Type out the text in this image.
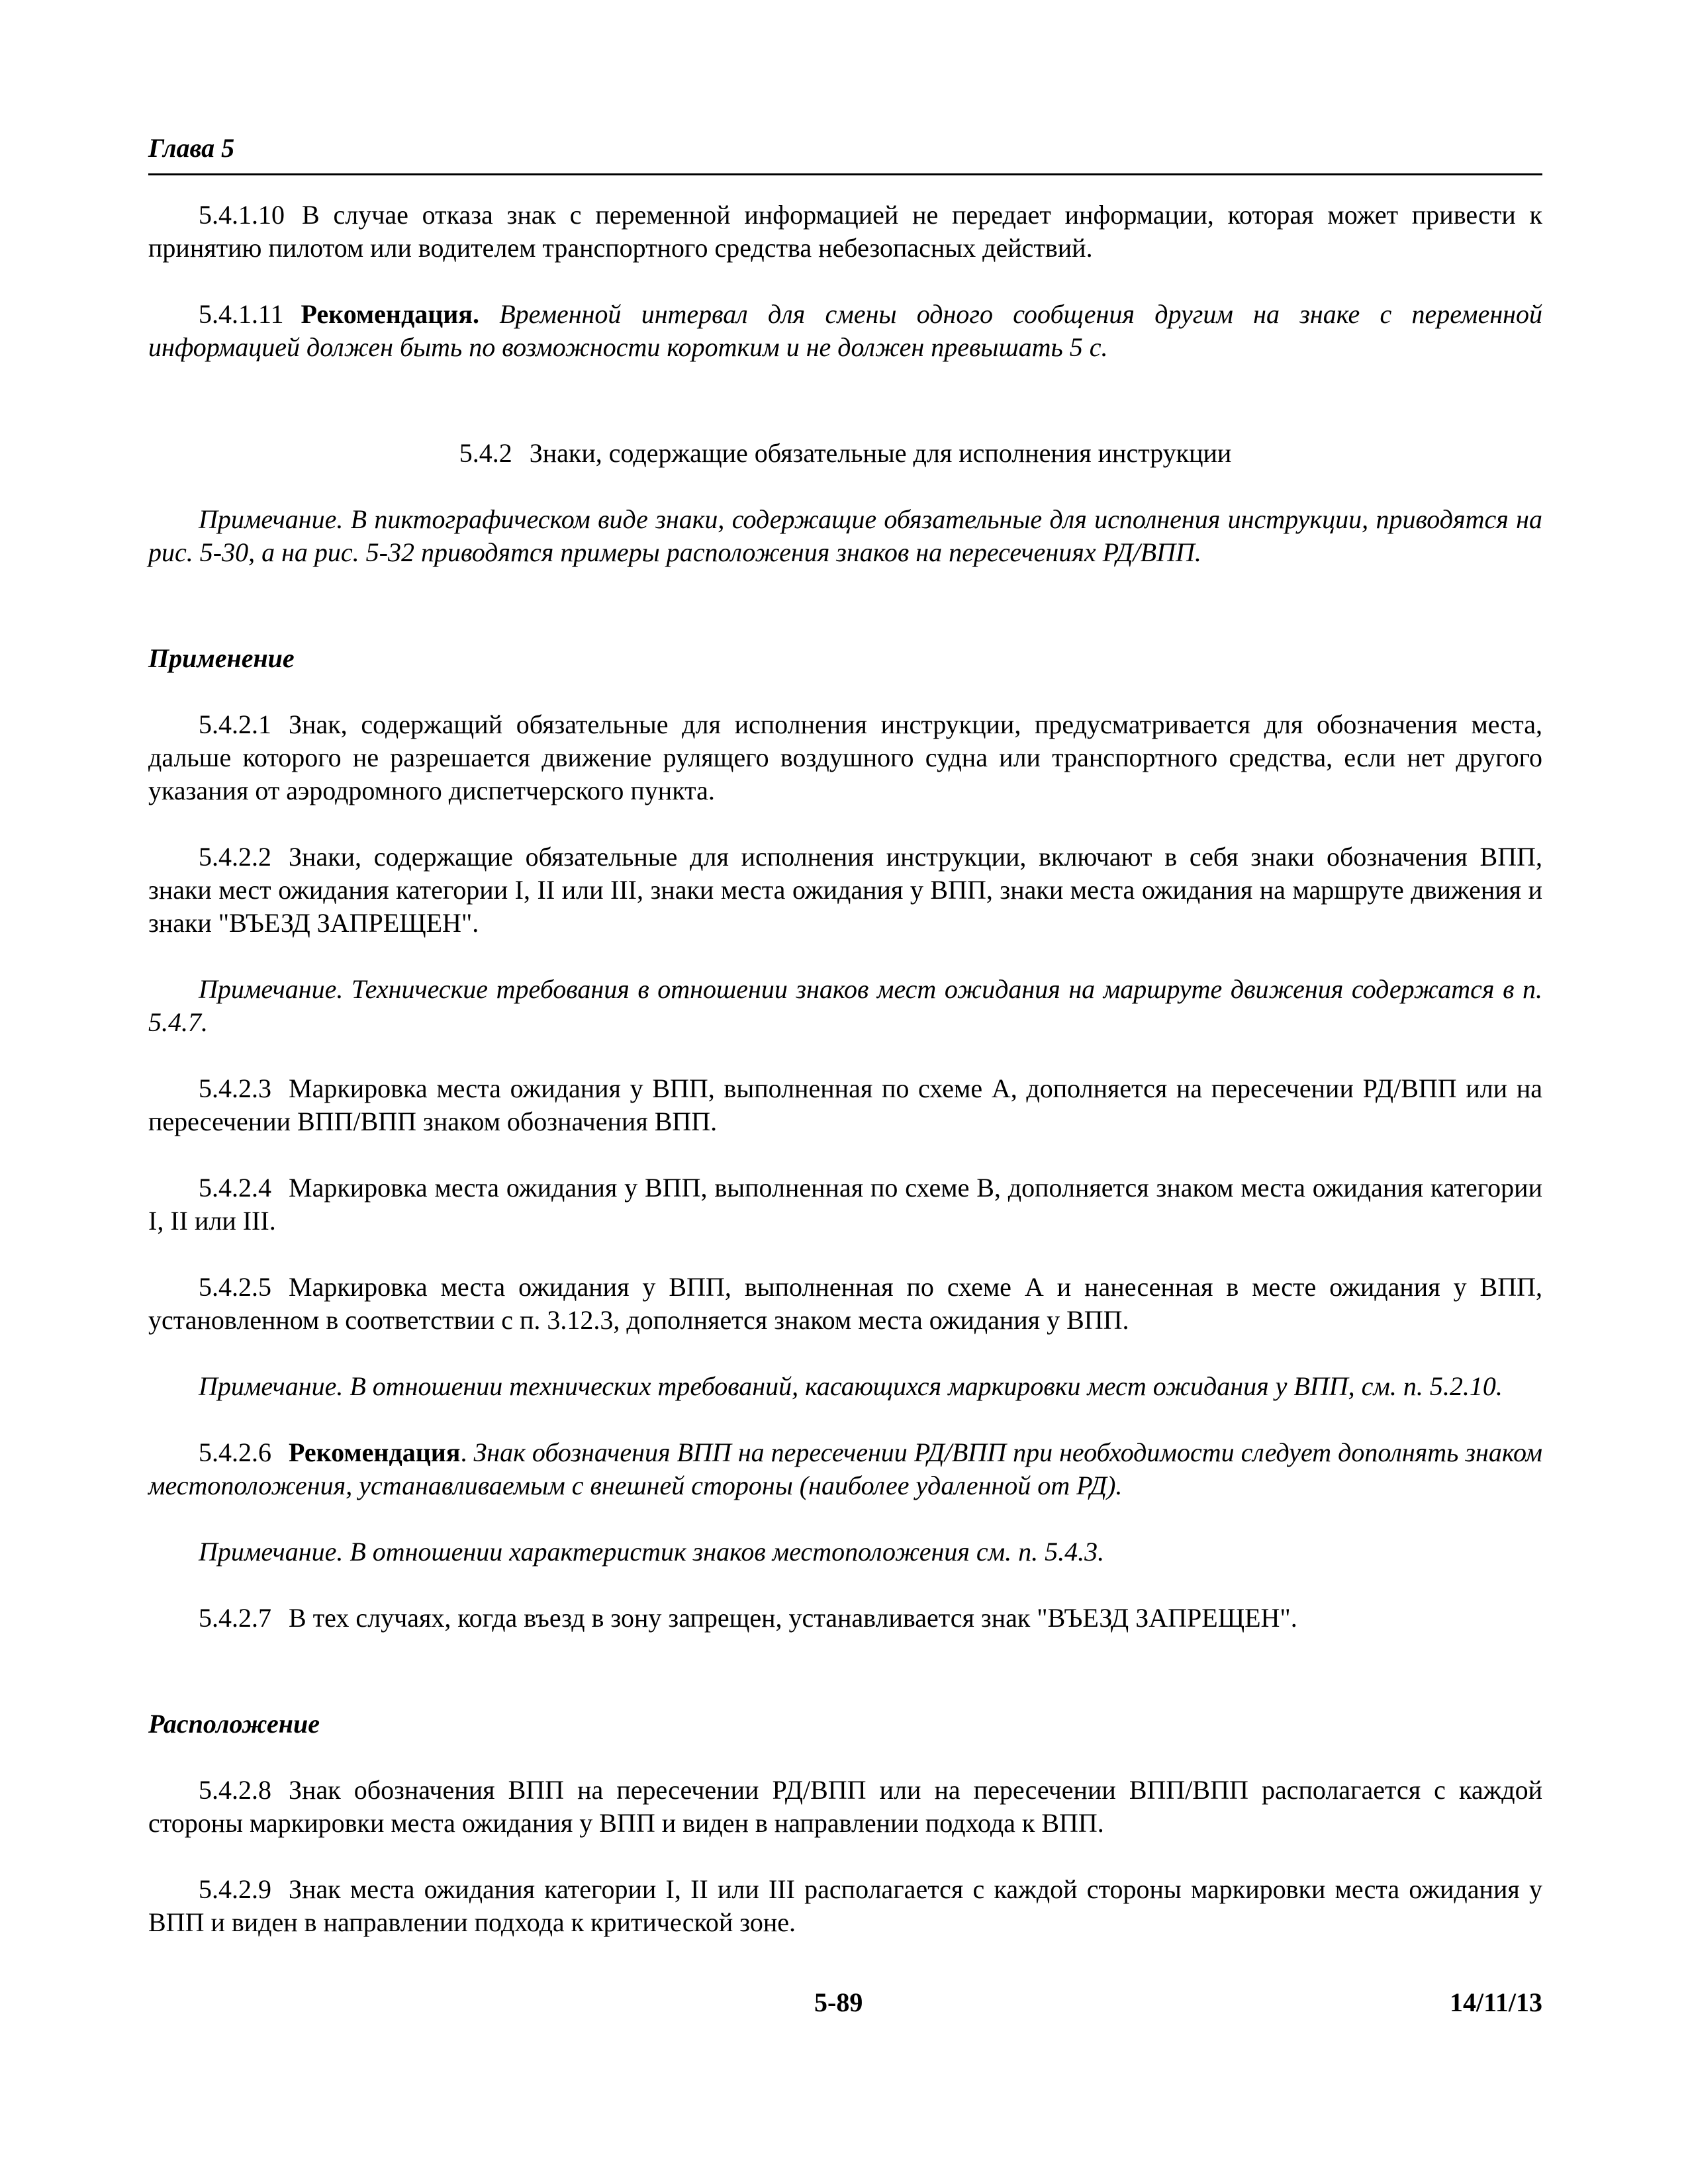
Глава 5

5.4.1.10 В случае отказа знак с переменной информацией не передает информации, которая может привести к принятию пилотом или водителем транспортного средства небезопасных действий.

5.4.1.11 Рекомендация. Временной интервал для смены одного сообщения другим на знаке с переменной информацией должен быть по возможности коротким и не должен превышать 5 с.

5.4.2 Знаки, содержащие обязательные для исполнения инструкции

Примечание. В пиктографическом виде знаки, содержащие обязательные для исполнения инструкции, приводятся на рис. 5-30, а на рис. 5-32 приводятся примеры расположения знаков на пересечениях РД/ВПП.

Применение

5.4.2.1 Знак, содержащий обязательные для исполнения инструкции, предусматривается для обозначения места, дальше которого не разрешается движение рулящего воздушного судна или транспортного средства, если нет другого указания от аэродромного диспетчерского пункта.

5.4.2.2 Знаки, содержащие обязательные для исполнения инструкции, включают в себя знаки обозначения ВПП, знаки мест ожидания категории I, II или III, знаки места ожидания у ВПП, знаки места ожидания на маршруте движения и знаки "ВЪЕЗД ЗАПРЕЩЕН".

Примечание. Технические требования в отношении знаков мест ожидания на маршруте движения содержатся в п. 5.4.7.

5.4.2.3 Маркировка места ожидания у ВПП, выполненная по схеме А, дополняется на пересечении РД/ВПП или на пересечении ВПП/ВПП знаком обозначения ВПП.

5.4.2.4 Маркировка места ожидания у ВПП, выполненная по схеме В, дополняется знаком места ожидания категории I, II или III.

5.4.2.5 Маркировка места ожидания у ВПП, выполненная по схеме А и нанесенная в месте ожидания у ВПП, установленном в соответствии с п. 3.12.3, дополняется знаком места ожидания у ВПП.

Примечание. В отношении технических требований, касающихся маркировки мест ожидания у ВПП, см. п. 5.2.10.

5.4.2.6 Рекомендация. Знак обозначения ВПП на пересечении РД/ВПП при необходимости следует дополнять знаком местоположения, устанавливаемым с внешней стороны (наиболее удаленной от РД).

Примечание. В отношении характеристик знаков местоположения см. п. 5.4.3.

5.4.2.7 В тех случаях, когда въезд в зону запрещен, устанавливается знак "ВЪЕЗД ЗАПРЕЩЕН".

Расположение

5.4.2.8 Знак обозначения ВПП на пересечении РД/ВПП или на пересечении ВПП/ВПП располагается с каждой стороны маркировки места ожидания у ВПП и виден в направлении подхода к ВПП.

5.4.2.9 Знак места ожидания категории I, II или III располагается с каждой стороны маркировки места ожидания у ВПП и виден в направлении подхода к критической зоне.

5-89	14/11/13
